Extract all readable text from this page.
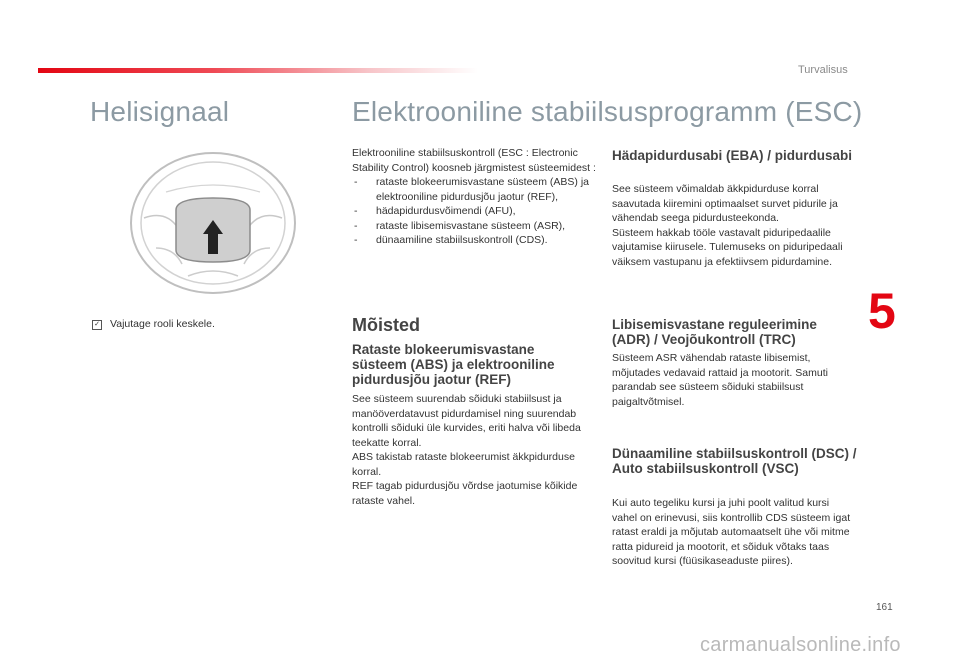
Turvalisus
Helisignaal	Elektrooniline stabiilsusprogramm (ESC)
✓ Vajutage rooli keskele.

Elektrooniline stabiilsuskontroll (ESC : Electronic Stability Control) koosneb järgmistest süsteemidest :

- rataste blokeerumisvastane süsteem (ABS) ja elektrooniline pidurdusjõu jaotur (REF),
- hädapidurdusvõimendi (AFU),
- rataste libisemisvastane süsteem (ASR),
- dünaamiline stabiilsuskontroll (CDS).
Mõisted
Rataste blokeerumisvastane süsteem (ABS) ja elektrooniline pidurdusjõu jaotur (REF)

See süsteem suurendab sõiduki stabiilsust ja manööverdatavust pidurdamisel ning suurendab kontrolli sõiduki üle kurvides, eriti halva või libeda teekatte korral.

ABS takistab rataste blokeerumist äkkpidurduse korral.

REF tagab pidurdusjõu võrdse jaotumise kõikide rataste vahel.

Hädapidurdusabi (EBA) / pidurdusabi

See süsteem võimaldab äkkpidurduse korral saavutada kiiremini optimaalset survet pidurile ja vähendab seega pidurdusteekonda.

Süsteem hakkab tööle vastavalt piduripedaalile vajutamise kiirusele. Tulemuseks on piduripedaali väiksem vastupanu ja efektiivsem pidurdamine.

Libisemisvastane reguleerimine (ADR) / Veojõukontroll (TRC)

Süsteem ASR vähendab rataste libisemist, mõjutades vedavaid rattaid ja mootorit. Samuti parandab see süsteem sõiduki stabiilsust paigaltvõtmisel.

Dünaamiline stabiilsuskontroll (DSC) / Auto stabiilsuskontroll (VSC)

Kui auto tegeliku kursi ja juhi poolt valitud kursi vahel on erinevusi, siis kontrollib CDS süsteem igat ratast eraldi ja mõjutab automaatselt ühe või mitme ratta pidureid ja mootorit, et sõiduk võtaks taas soovitud kursi (füüsikaseaduste piires).

5
161
carmanualsonline.info
